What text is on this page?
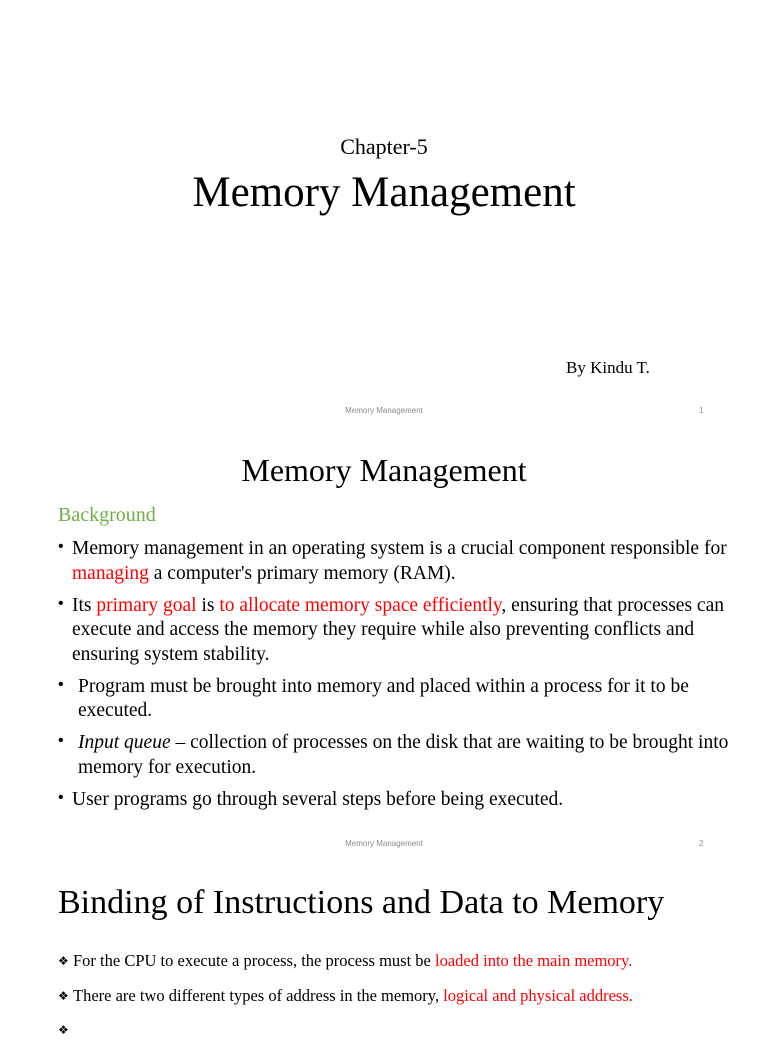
Chapter-5
Memory Management
By Kindu T.
Memory Management	1
Memory Management
Background
• Memory management in an operating system is a crucial component responsible for managing a computer's primary memory (RAM).
• Its primary goal is to allocate memory space efficiently, ensuring that processes can execute and access the memory they require while also preventing conflicts and ensuring system stability.
• Program must be brought into memory and placed within a process for it to be executed.
• Input queue – collection of processes on the disk that are waiting to be brought into memory for execution.
• User programs go through several steps before being executed.
Memory Management	2
Binding of Instructions and Data to Memory
❖ For the CPU to execute a process, the process must be loaded into the main memory.
❖ There are two different types of address in the memory, logical and physical address.
❖
